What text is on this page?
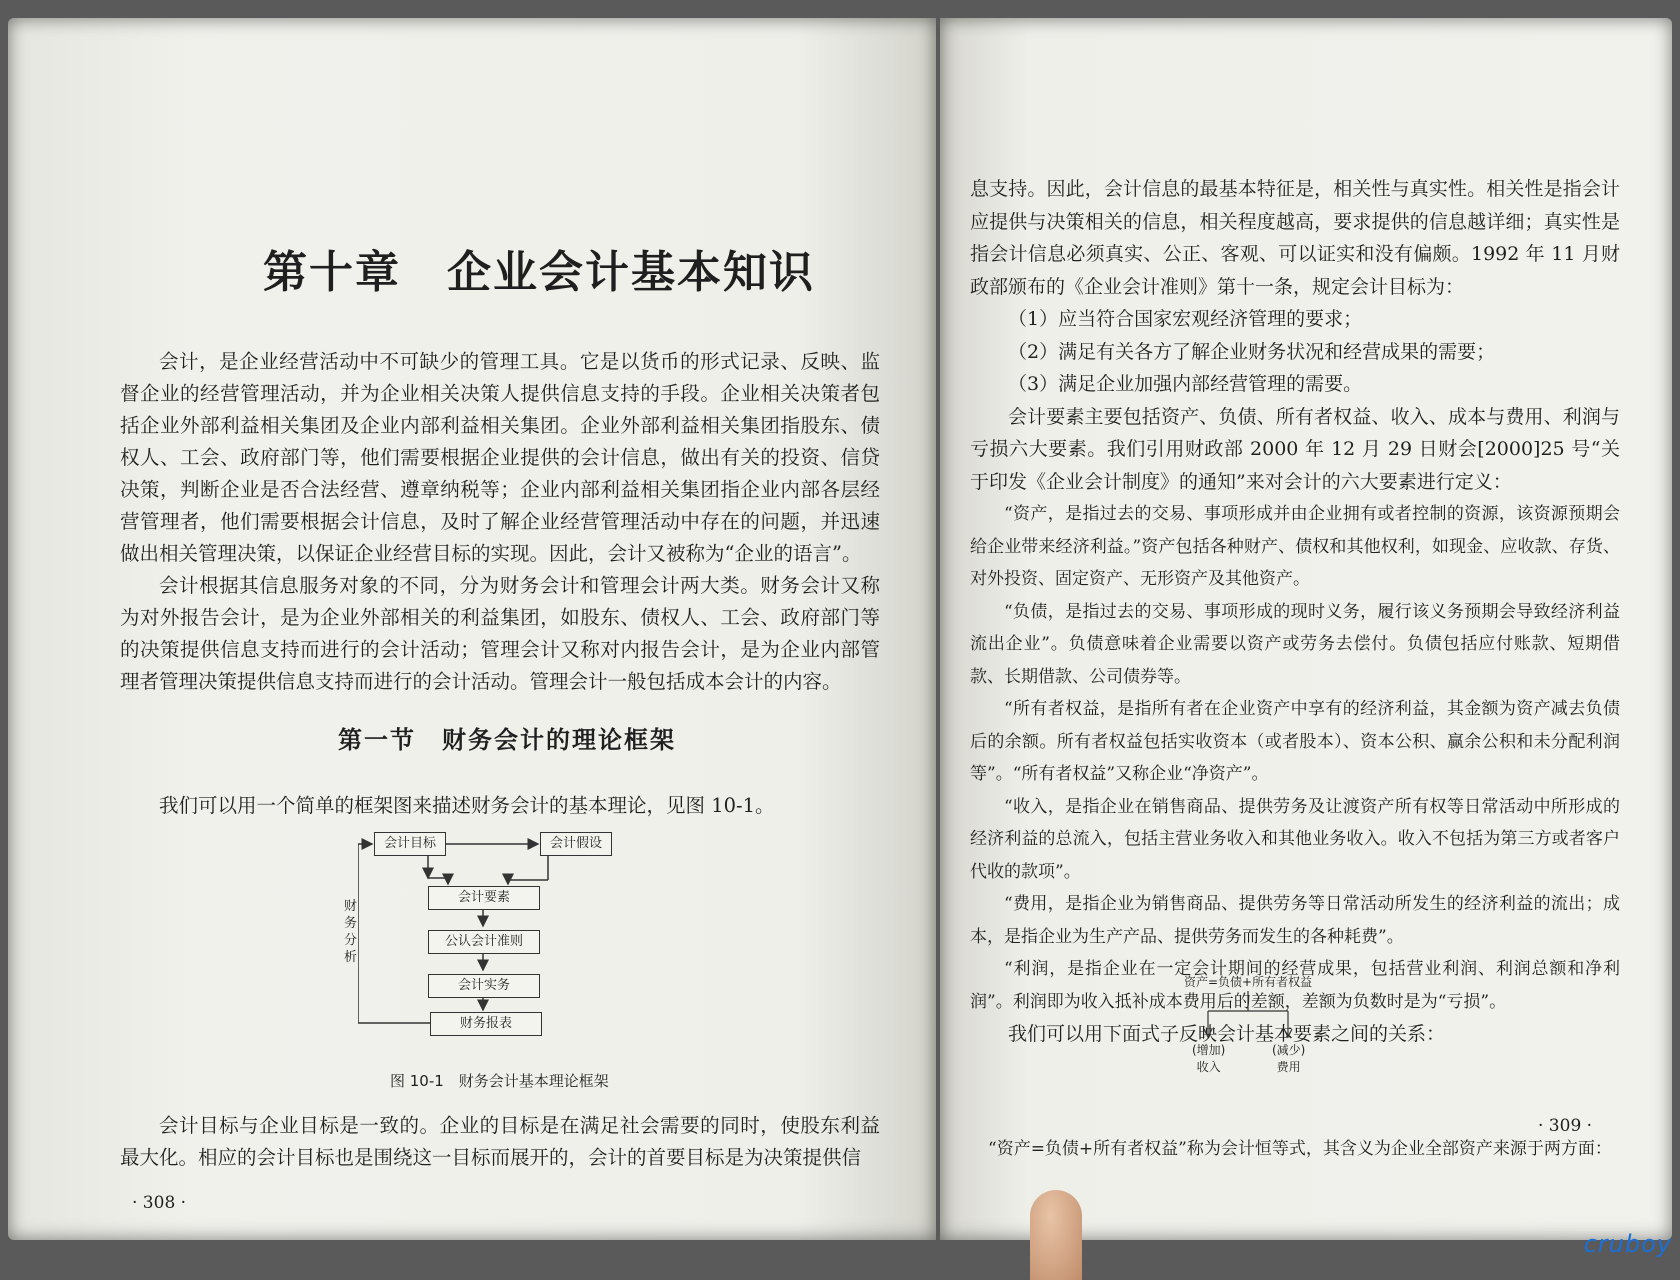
第十章　企业会计基本知识

会计，是企业经营活动中不可缺少的管理工具。它是以货币的形式记录、反映、监督企业的经营管理活动，并为企业相关决策人提供信息支持的手段。企业相关决策者包括企业外部利益相关集团及企业内部利益相关集团。企业外部利益相关集团指股东、债权人、工会、政府部门等，他们需要根据企业提供的会计信息，做出有关的投资、信贷决策，判断企业是否合法经营、遵章纳税等；企业内部利益相关集团指企业内部各层经营管理者，他们需要根据会计信息，及时了解企业经营管理活动中存在的问题，并迅速做出相关管理决策，以保证企业经营目标的实现。因此，会计又被称为“企业的语言”。

会计根据其信息服务对象的不同，分为财务会计和管理会计两大类。财务会计又称为对外报告会计，是为企业外部相关的利益集团，如股东、债权人、工会、政府部门等的决策提供信息支持而进行的会计活动；管理会计又称对内报告会计，是为企业内部管理者管理决策提供信息支持而进行的会计活动。管理会计一般包括成本会计的内容。

第一节　财务会计的理论框架

我们可以用一个简单的框架图来描述财务会计的基本理论，见图 10-1。

会计目标	会计假设
会计要素
公认会计准则
会计实务
财务报表
财务分析
图 10-1　财务会计基本理论框架

会计目标与企业目标是一致的。企业的目标是在满足社会需要的同时，使股东利益最大化。相应的会计目标也是围绕这一目标而展开的，会计的首要目标是为决策提供信

· 308 ·

息支持。因此，会计信息的最基本特征是，相关性与真实性。相关性是指会计应提供与决策相关的信息，相关程度越高，要求提供的信息越详细；真实性是指会计信息必须真实、公正、客观、可以证实和没有偏颇。1992 年 11 月财政部颁布的《企业会计准则》第十一条，规定会计目标为：

（1）应当符合国家宏观经济管理的要求；

（2）满足有关各方了解企业财务状况和经营成果的需要；

（3）满足企业加强内部经营管理的需要。

会计要素主要包括资产、负债、所有者权益、收入、成本与费用、利润与亏损六大要素。我们引用财政部 2000 年 12 月 29 日财会[2000]25 号“关于印发《企业会计制度》的通知”来对会计的六大要素进行定义：

“资产，是指过去的交易、事项形成并由企业拥有或者控制的资源，该资源预期会给企业带来经济利益。”资产包括各种财产、债权和其他权利，如现金、应收款、存货、对外投资、固定资产、无形资产及其他资产。

“负债，是指过去的交易、事项形成的现时义务，履行该义务预期会导致经济利益流出企业”。负债意味着企业需要以资产或劳务去偿付。负债包括应付账款、短期借款、长期借款、公司债券等。

“所有者权益，是指所有者在企业资产中享有的经济利益，其金额为资产减去负债后的余额。所有者权益包括实收资本（或者股本）、资本公积、赢余公积和未分配利润等”。“所有者权益”又称企业“净资产”。

“收入，是指企业在销售商品、提供劳务及让渡资产所有权等日常活动中所形成的经济利益的总流入，包括主营业务收入和其他业务收入。收入不包括为第三方或者客户代收的款项”。

“费用，是指企业为销售商品、提供劳务等日常活动所发生的经济利益的流出；成本，是指企业为生产产品、提供劳务而发生的各种耗费”。

“利润，是指企业在一定会计期间的经营成果，包括营业利润、利润总额和净利润”。利润即为收入抵补成本费用后的差额，差额为负数时是为“亏损”。

我们可以用下面式子反映会计基本要素之间的关系：

资产=负债+所有者权益
(增加)
收入
(减少)
费用
· 309 ·

“资产=负债+所有者权益”称为会计恒等式，其含义为企业全部资产来源于两方面：

cruboy
